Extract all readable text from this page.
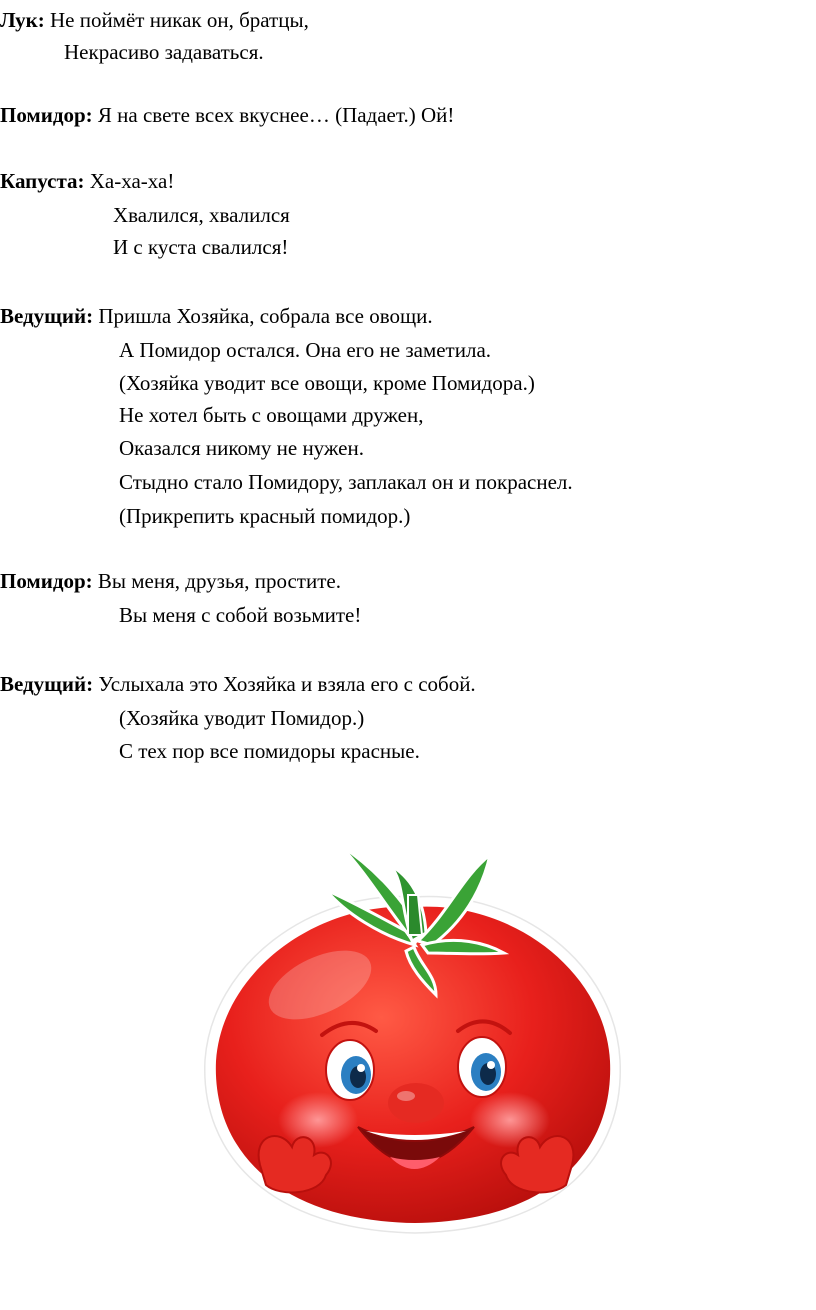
Лук: Не поймёт никак он, братцы,
Некрасиво задаваться.
Помидор: Я на свете всех вкуснее… (Падает.) Ой!
Капуста: Ха-ха-ха!
Хвалился, хвалился
И с куста свалился!
Ведущий: Пришла Хозяйка, собрала все овощи.
А Помидор остался. Она его не заметила.
(Хозяйка уводит все овощи, кроме Помидора.)
Не хотел быть с овощами дружен,
Оказался никому не нужен.
Стыдно стало Помидору, заплакал он и покраснел.
(Прикрепить красный помидор.)
Помидор: Вы меня, друзья, простите.
Вы меня с собой возьмите!
Ведущий: Услыхала это Хозяйка и взяла его с собой.
(Хозяйка уводит Помидор.)
С тех пор все помидоры красные.
